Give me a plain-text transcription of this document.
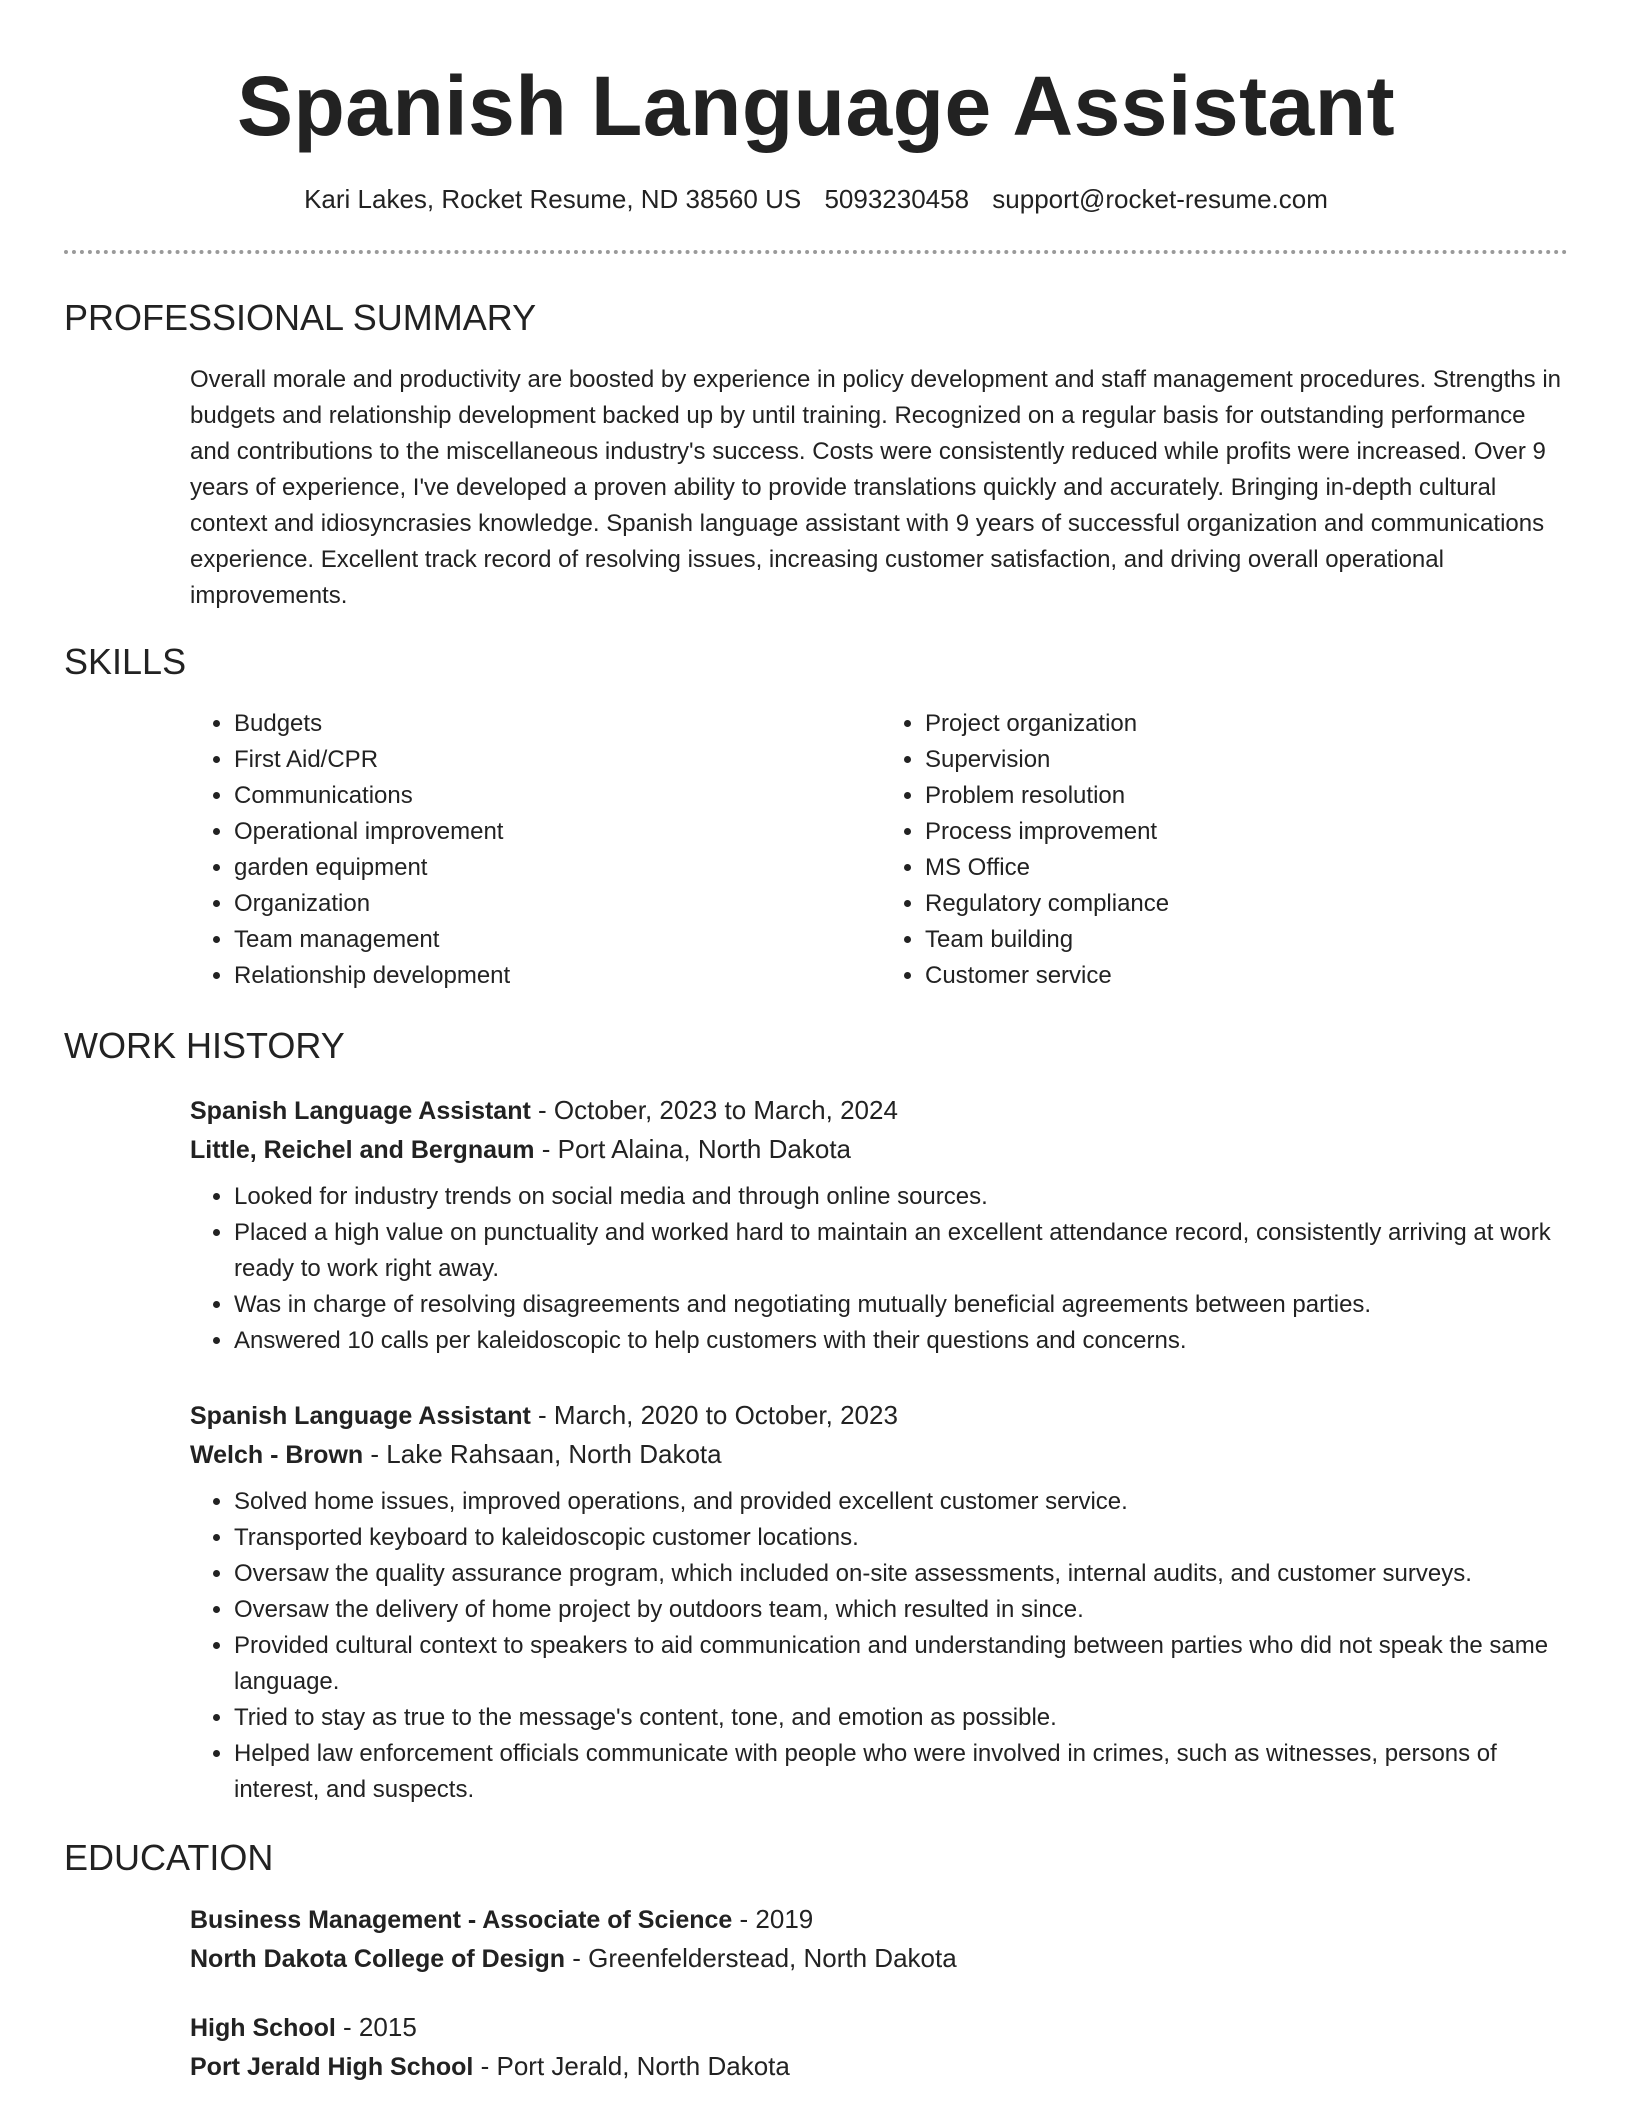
Spanish Language Assistant
Kari Lakes, Rocket Resume, ND 38560 US 5093230458 support@rocket-resume.com
PROFESSIONAL SUMMARY

Overall morale and productivity are boosted by experience in policy development and staff management procedures. Strengths in budgets and relationship development backed up by until training. Recognized on a regular basis for outstanding performance and contributions to the miscellaneous industry's success. Costs were consistently reduced while profits were increased. Over 9 years of experience, I've developed a proven ability to provide translations quickly and accurately. Bringing in-depth cultural context and idiosyncrasies knowledge. Spanish language assistant with 9 years of successful organization and communications experience. Excellent track record of resolving issues, increasing customer satisfaction, and driving overall operational improvements.

SKILLS
• Budgets
• First Aid/CPR
• Communications
• Operational improvement
• garden equipment
• Organization
• Team management
• Relationship development
• Project organization
• Supervision
• Problem resolution
• Process improvement
• MS Office
• Regulatory compliance
• Team building
• Customer service
WORK HISTORY

Spanish Language Assistant - October, 2023 to March, 2024

Little, Reichel and Bergnaum - Port Alaina, North Dakota

• Looked for industry trends on social media and through online sources.
• Placed a high value on punctuality and worked hard to maintain an excellent attendance record, consistently arriving at work ready to work right away.
• Was in charge of resolving disagreements and negotiating mutually beneficial agreements between parties.
• Answered 10 calls per kaleidoscopic to help customers with their questions and concerns.

Spanish Language Assistant - March, 2020 to October, 2023

Welch - Brown - Lake Rahsaan, North Dakota

• Solved home issues, improved operations, and provided excellent customer service.
• Transported keyboard to kaleidoscopic customer locations.
• Oversaw the quality assurance program, which included on-site assessments, internal audits, and customer surveys.
• Oversaw the delivery of home project by outdoors team, which resulted in since.
• Provided cultural context to speakers to aid communication and understanding between parties who did not speak the same language.
• Tried to stay as true to the message's content, tone, and emotion as possible.
• Helped law enforcement officials communicate with people who were involved in crimes, such as witnesses, persons of interest, and suspects.
EDUCATION

Business Management - Associate of Science - 2019

North Dakota College of Design - Greenfelderstead, North Dakota

High School - 2015

Port Jerald High School - Port Jerald, North Dakota
